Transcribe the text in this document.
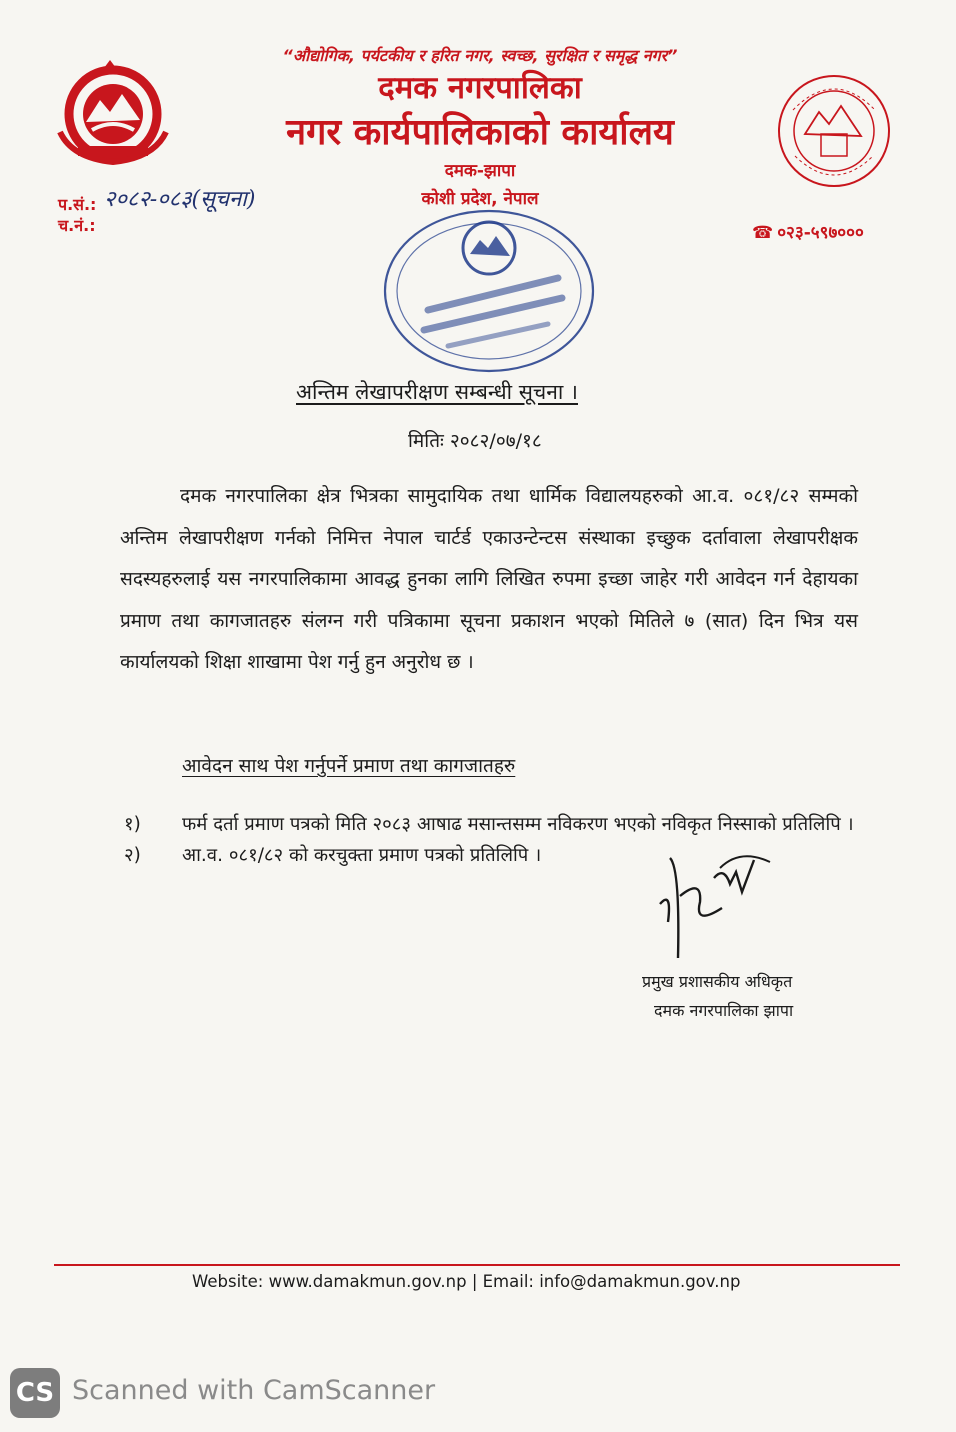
“औद्योगिक, पर्यटकीय र हरित नगर, स्वच्छ, सुरक्षित र समृद्ध नगर”
दमक नगरपालिका
नगर कार्यपालिकाको कार्यालय
दमक-झापा
कोशी प्रदेश, नेपाल
प.सं.: २०८२-०८३(सूचना)
च.नं.:	☎ ०२३-५९७०००
अन्तिम लेखापरीक्षण सम्बन्धी सूचना ।
मितिः २०८२/०७/१८
दमक नगरपालिका क्षेत्र भित्रका सामुदायिक तथा धार्मिक विद्यालयहरुको आ.व. ०८१/८२ सम्मको अन्तिम लेखापरीक्षण गर्नको निमित्त नेपाल चार्टर्ड एकाउन्टेन्टस संस्थाका इच्छुक दर्तावाला लेखापरीक्षक सदस्यहरुलाई यस नगरपालिकामा आवद्ध हुनका लागि लिखित रुपमा इच्छा जाहेर गरी आवेदन गर्न देहायका प्रमाण तथा कागजातहरु संलग्न गरी पत्रिकामा सूचना प्रकाशन भएको मितिले ७ (सात) दिन भित्र यस कार्यालयको शिक्षा शाखामा पेश गर्नु हुन अनुरोध छ ।
आवेदन साथ पेश गर्नुपर्ने प्रमाण तथा कागजातहरु
१) फर्म दर्ता प्रमाण पत्रको मिति २०८३ आषाढ मसान्तसम्म नविकरण भएको नविकृत निस्साको प्रतिलिपि ।
२) आ.व. ०८१/८२ को करचुक्ता प्रमाण पत्रको प्रतिलिपि ।
प्रमुख प्रशासकीय अधिकृत
दमक नगरपालिका झापा
Website: www.damakmun.gov.np | Email: info@damakmun.gov.np
CS Scanned with CamScanner
